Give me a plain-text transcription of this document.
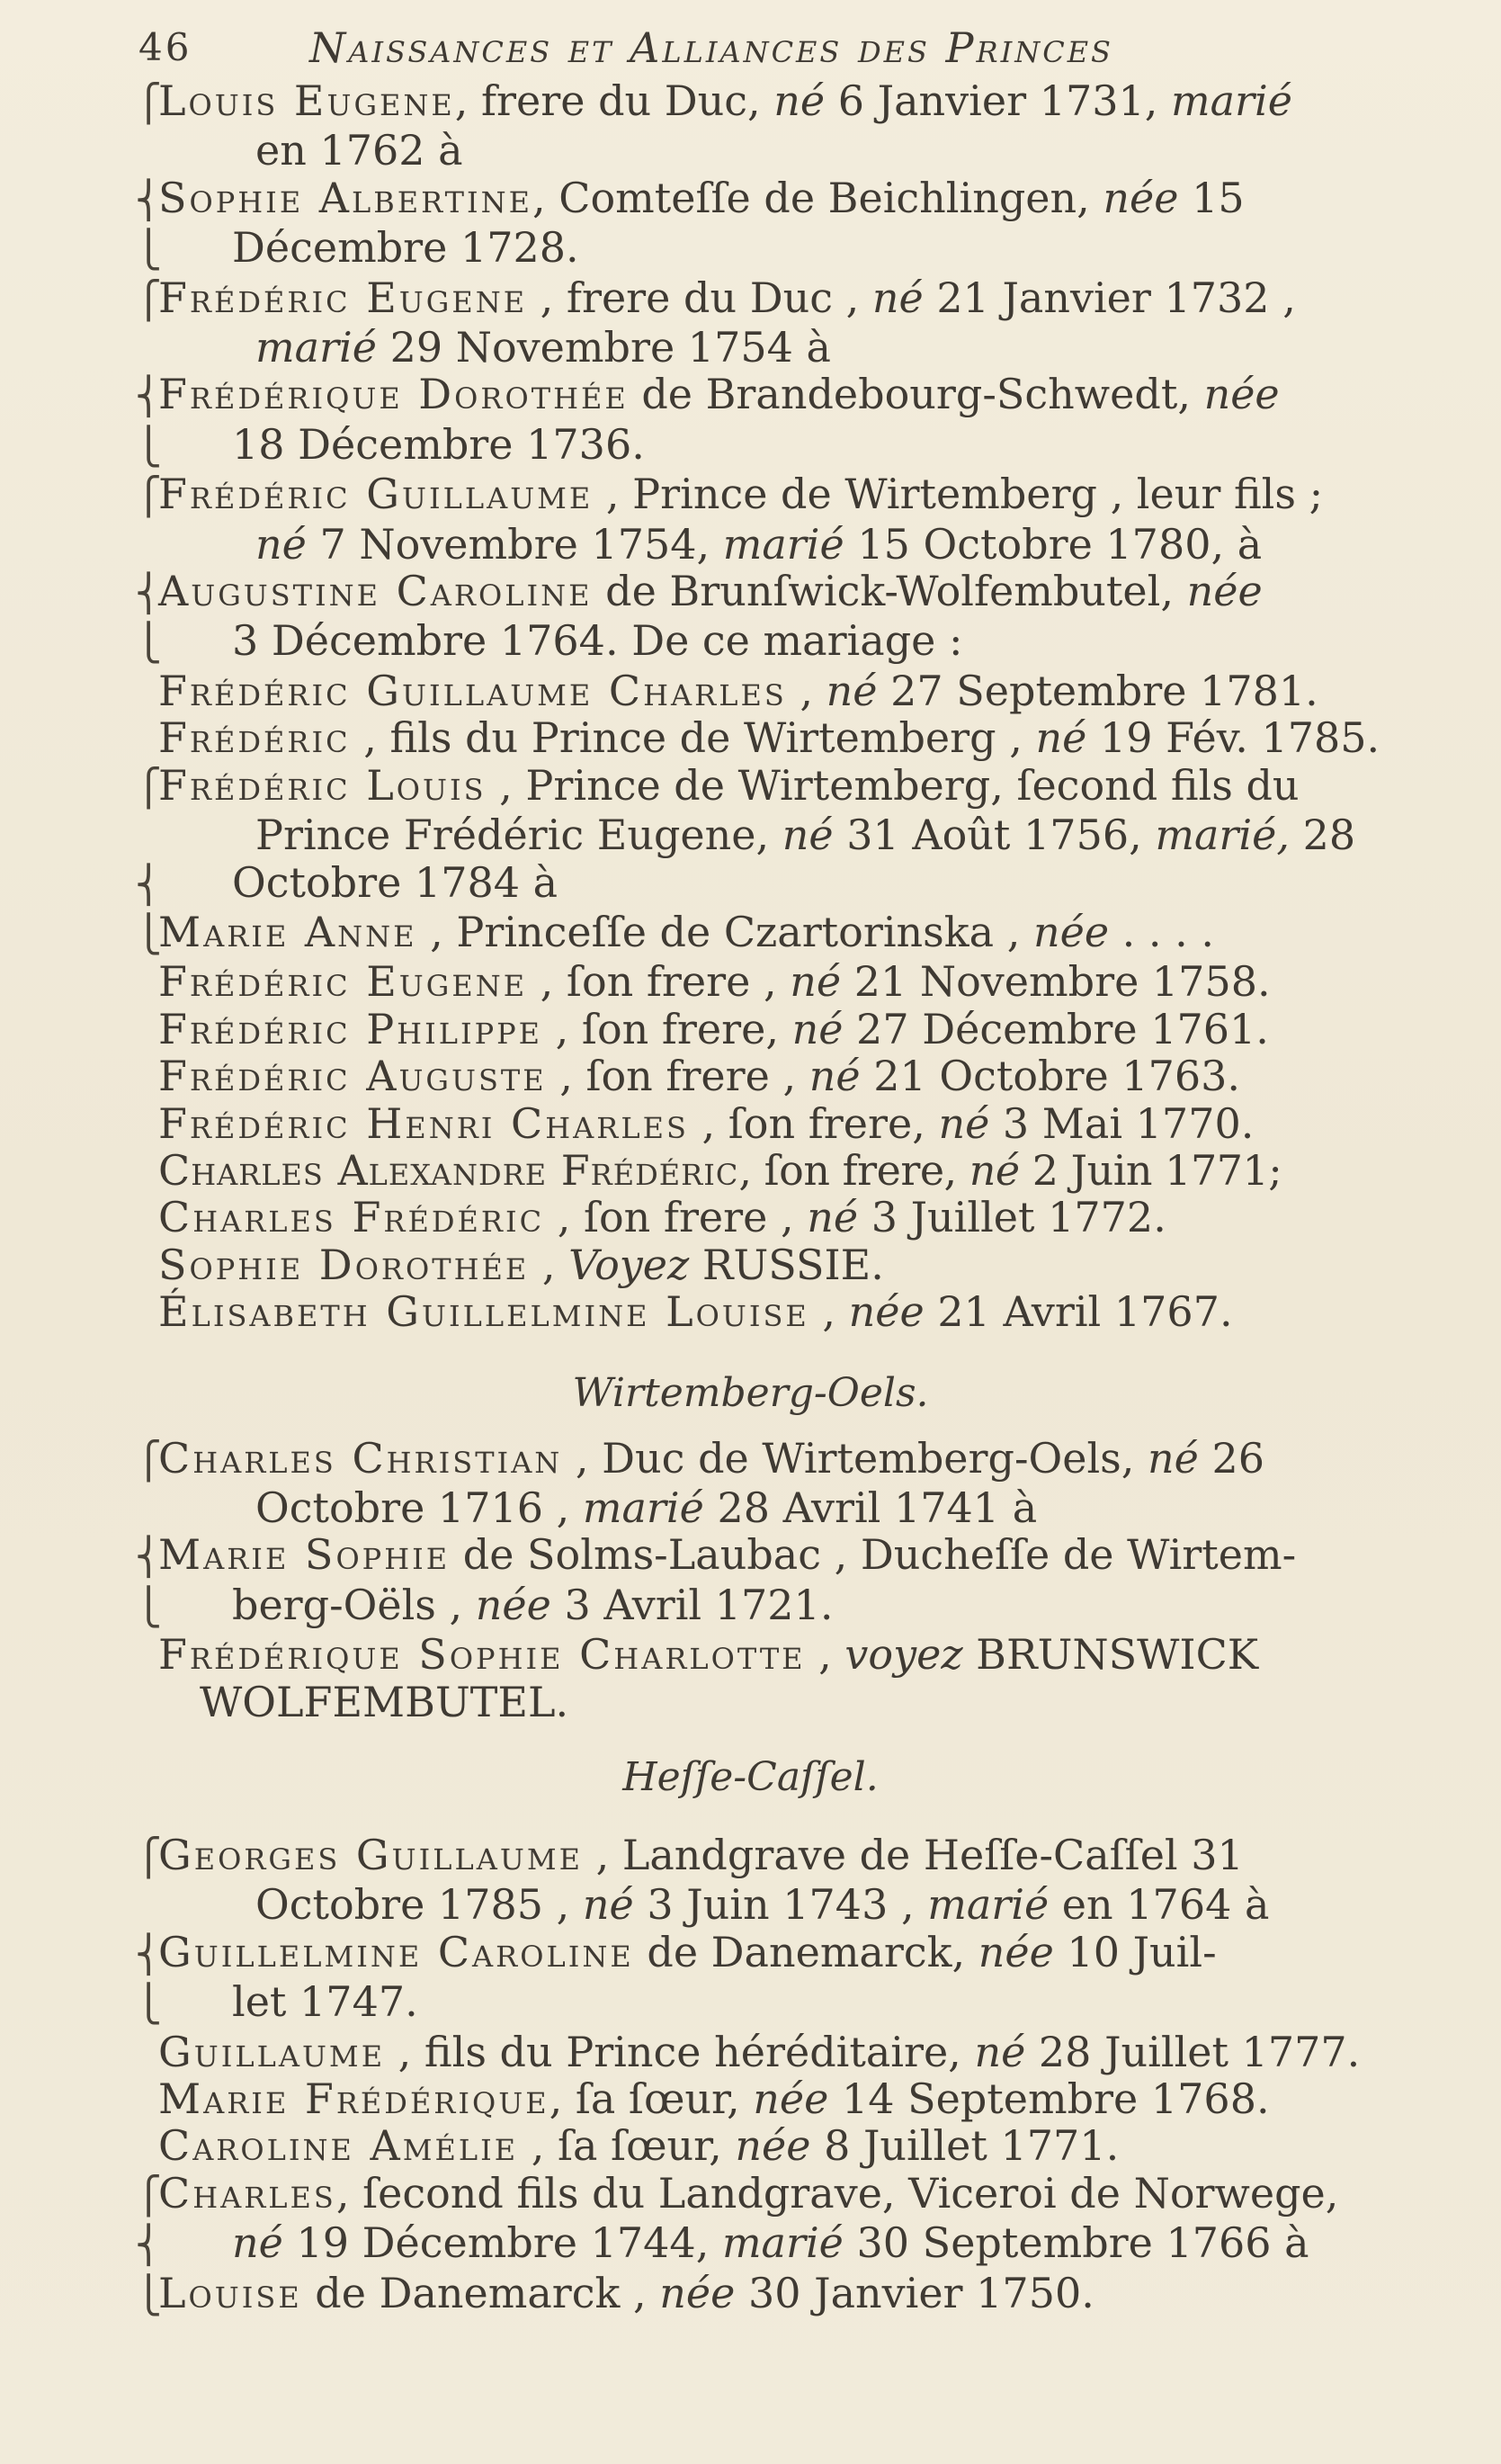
46	Naissances et Alliances des Princes
⎧Louis Eugene, frere du Duc, né 6 Janvier 1731, marié
en 1762 à
⎨Sophie Albertine, Comteſſe de Beichlingen, née 15
⎩ Décembre 1728.
⎧Frédéric Eugene , frere du Duc , né 21 Janvier 1732 ,
marié 29 Novembre 1754 à
⎨Frédérique Dorothée de Brandebourg-Schwedt, née
⎩ 18 Décembre 1736.
⎧Frédéric Guillaume , Prince de Wirtemberg , leur fils ;
né 7 Novembre 1754, marié 15 Octobre 1780, à
⎨Augustine Caroline de Brunſwick-Wolfembutel, née
⎩ 3 Décembre 1764. De ce mariage :
Frédéric Guillaume Charles , né 27 Septembre 1781.
Frédéric , fils du Prince de Wirtemberg , né 19 Fév. 1785.
⎧Frédéric Louis , Prince de Wirtemberg, ſecond fils du
Prince Frédéric Eugene, né 31 Août 1756, marié, 28
⎨ Octobre 1784 à
⎩Marie Anne , Princeſſe de Czartorinska , née . . . .
Frédéric Eugene , ſon frere , né 21 Novembre 1758.
Frédéric Philippe , ſon frere, né 27 Décembre 1761.
Frédéric Auguste , ſon frere , né 21 Octobre 1763.
Frédéric Henri Charles , ſon frere, né 3 Mai 1770.
Charles Alexandre Frédéric, ſon frere, né 2 Juin 1771;
Charles Frédéric , ſon frere , né 3 Juillet 1772.
Sophie Dorothée , Voyez RUSSIE.
Élisabeth Guillelmine Louise , née 21 Avril 1767.
Wirtemberg-Oels.
⎧Charles Christian , Duc de Wirtemberg-Oels, né 26
Octobre 1716 , marié 28 Avril 1741 à
⎨Marie Sophie de Solms-Laubac , Ducheſſe de Wirtem-
⎩ berg-Oëls , née 3 Avril 1721.
Frédérique Sophie Charlotte , voyez BRUNSWICK
WOLFEMBUTEL.
Heſſe-Caſſel.
⎧Georges Guillaume , Landgrave de Heſſe-Caſſel 31
Octobre 1785 , né 3 Juin 1743 , marié en 1764 à
⎨Guillelmine Caroline de Danemarck, née 10 Juil-
⎩ let 1747.
Guillaume , fils du Prince héréditaire, né 28 Juillet 1777.
Marie Frédérique, ſa ſœur, née 14 Septembre 1768.
Caroline Amélie , ſa ſœur, née 8 Juillet 1771.
⎧Charles, ſecond fils du Landgrave, Viceroi de Norwege,
⎨ né 19 Décembre 1744, marié 30 Septembre 1766 à
⎩Louise de Danemarck , née 30 Janvier 1750.
